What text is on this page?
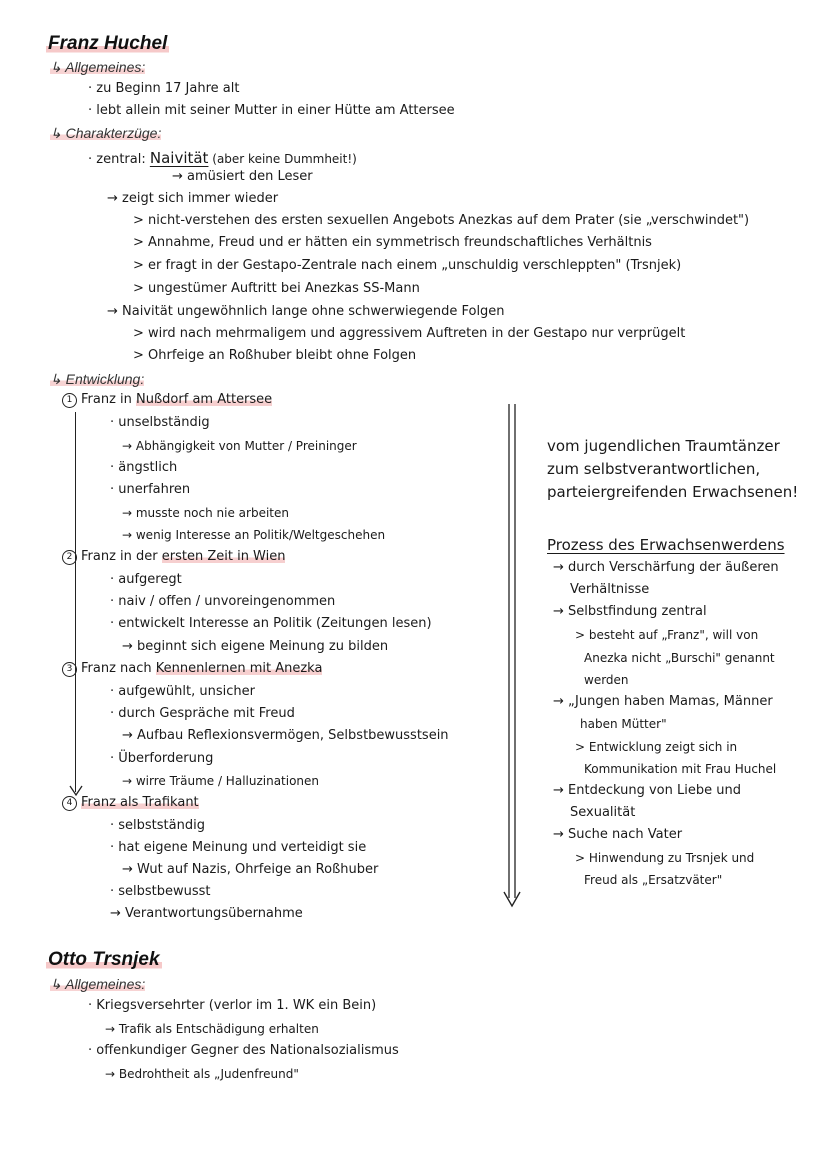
Franz Huchel
↳ Allgemeines:
· zu Beginn 17 Jahre alt
· lebt allein mit seiner Mutter in einer Hütte am Attersee
↳ Charakterzüge:
· zentral: Naivität (aber keine Dummheit!)
→ amüsiert den Leser
→ zeigt sich immer wieder
> nicht-verstehen des ersten sexuellen Angebots Anezkas auf dem Prater (sie „verschwindet")
> Annahme, Freud und er hätten ein symmetrisch freundschaftliches Verhältnis
> er fragt in der Gestapo-Zentrale nach einem „unschuldig verschleppten" (Trsnjek)
> ungestümer Auftritt bei Anezkas SS-Mann
→ Naivität ungewöhnlich lange ohne schwerwiegende Folgen
> wird nach mehrmaligem und aggressivem Auftreten in der Gestapo nur verprügelt
> Ohrfeige an Roßhuber bleibt ohne Folgen
↳ Entwicklung:
1 Franz in Nußdorf am Attersee
· unselbständig
→ Abhängigkeit von Mutter / Preininger
· ängstlich
· unerfahren
→ musste noch nie arbeiten
→ wenig Interesse an Politik/Weltgeschehen
2 Franz in der ersten Zeit in Wien
· aufgeregt
· naiv / offen / unvoreingenommen
· entwickelt Interesse an Politik (Zeitungen lesen)
→ beginnt sich eigene Meinung zu bilden
3 Franz nach Kennenlernen mit Anezka
· aufgewühlt, unsicher
· durch Gespräche mit Freud
→ Aufbau Reflexionsvermögen, Selbstbewusstsein
· Überforderung
→ wirre Träume / Halluzinationen
4 Franz als Trafikant
· selbstständig
· hat eigene Meinung und verteidigt sie
→ Wut auf Nazis, Ohrfeige an Roßhuber
· selbstbewusst
→ Verantwortungsübernahme
vom jugendlichen Traumtänzer
zum selbstverantwortlichen,
parteiergreifenden Erwachsenen!
Prozess des Erwachsenwerdens
→ durch Verschärfung der äußeren
Verhältnisse
→ Selbstfindung zentral
> besteht auf „Franz", will von
Anezka nicht „Burschi" genannt
werden
→ „Jungen haben Mamas, Männer
haben Mütter"
> Entwicklung zeigt sich in
Kommunikation mit Frau Huchel
→ Entdeckung von Liebe und
Sexualität
→ Suche nach Vater
> Hinwendung zu Trsnjek und
Freud als „Ersatzväter"
Otto Trsnjek
↳ Allgemeines:
· Kriegsversehrter (verlor im 1. WK ein Bein)
→ Trafik als Entschädigung erhalten
· offenkundiger Gegner des Nationalsozialismus
→ Bedrohtheit als „Judenfreund"
